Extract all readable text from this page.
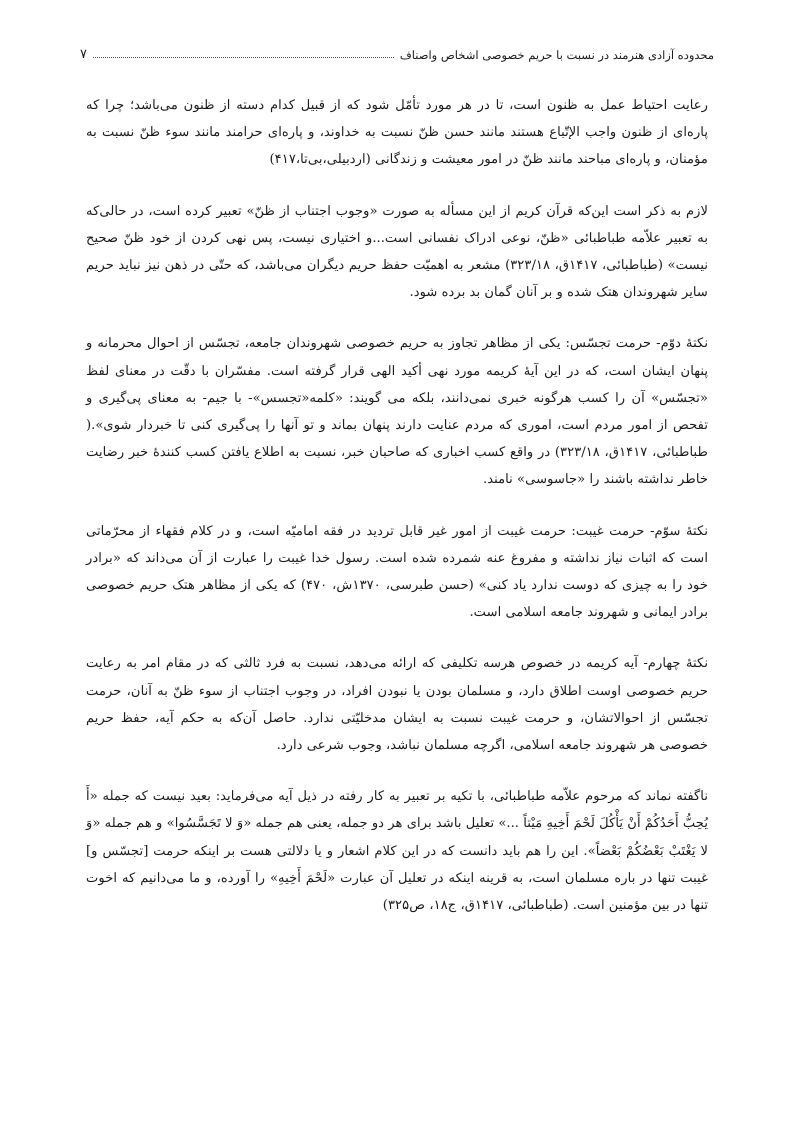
محدوده آزادی هنرمند در نسبت با حریم خصوصی اشخاص واصناف
۷

رعایت احتیاط عمل به ظنون است، تا در هر مورد تأمّل شود که از قبیل کدام دسته از ظنون می‌باشد؛ چرا که پاره‌ای از ظنون واجب الإتّباع هستند مانند حسن ظنّ نسبت به خداوند، و پاره‌ای حرامند مانند سوء ظنّ نسبت به مؤمنان، و پاره‌ای مباحند مانند ظنّ در امور معیشت و زندگانی (اردبیلی،بی‌تا،۴۱۷)

لازم به ذکر است این‌که قرآن کریم از این مسأله به صورت «وجوب اجتناب از ظنّ» تعبیر کرده است، در حالی‌که به تعبیر علاّمه طباطبائی «ظنّ، نوعی ادراک نفسانی است...و اختیاری نیست، پس نهی کردن از خود ظنّ صحیح نیست» (طباطبائی، ۱۴۱۷ق، ۳۲۳/۱۸) مشعر به اهمیّت حفظ حریم دیگران می‌باشد، که حتّی در ذهن نیز نباید حریم سایر شهروندان هتک شده و بر آنان گمان بد برده شود.

نکتۀ دوّم- حرمت تجسّس: یکی از مظاهر تجاوز به حریم خصوصی شهروندان جامعه، تجسّس از احوال محرمانه و پنهان ایشان است، که در این آیۀ کریمه مورد نهی أکید الهی قرار گرفته است. مفسّران با دقّت در معنای لفظ «تجسّس» آن را کسب هرگونه خبری نمی‌دانند، بلکه می گویند: «کلمه«تجسس»- با جیم- به معنای پی‌گیری و تفحص از امور مردم است، اموری که مردم عنایت دارند پنهان بماند و تو آنها را پی‌گیری کنی تا خبردار شوی».( طباطبائی، ۱۴۱۷ق، ۳۲۳/۱۸) در واقع کسب اخباری که صاحبان خبر، نسبت به اطلاع یافتن کسب کنندۀ خبر رضایت خاطر نداشته باشند را «جاسوسی» نامند.

نکتۀ سوّم- حرمت غیبت: حرمت غیبت از امور غیر قابل تردید در فقه امامیّه است، و در کلام فقهاء از محرّماتی است که اثبات نیاز نداشته و مفروغ عنه شمرده شده است. رسول خدا غیبت را عبارت از آن می‌داند که «برادر خود را به چیزی که دوست ندارد یاد کنی» (حسن طبرسی، ۱۳۷۰ش، ۴۷۰) که یکی از مظاهر هتک حریم خصوصی برادر ایمانی و شهروند جامعه اسلامی است.

نکتۀ چهارم- آیه کریمه در خصوص هرسه تکلیفی که ارائه می‌دهد، نسبت به فرد ثالثی که در مقام امر به رعایت حریم خصوصی اوست اطلاق دارد، و مسلمان بودن یا نبودن افراد، در وجوب اجتناب از سوء ظنّ به آنان، حرمت تجسّس از احوالاتشان، و حرمت غیبت نسبت به ایشان مدخلیّتی ندارد. حاصل آن‌که به حکم آیه، حفظ حریم خصوصی هر شهروند جامعه اسلامی، اگرچه مسلمان نباشد، وجوب شرعی دارد.

ناگفته نماند که مرحوم علاّمه طباطبائی، با تکیه بر تعبیر به کار رفته در ذیل آیه می‌فرماید: بعید نیست که جمله «أَ يُحِبُّ أَحَدُكُمْ أَنْ يَأْكُلَ لَحْمَ أَخِيهِ مَيْتاً ...» تعلیل باشد برای هر دو جمله، یعنی هم جمله «وَ لا تَجَسَّسُوا» و هم جمله «وَ لا يَغْتَبْ بَعْضُكُمْ بَعْضاً». این را هم باید دانست که در این کلام اشعار و یا دلالتی هست بر اینکه حرمت [تجسّس و] غیبت تنها در باره مسلمان است، به قرینه اینکه در تعلیل آن عبارت «لَحْمَ أَخِيهِ» را آورده، و ما می‌دانیم که اخوت تنها در بین مؤمنین است. (طباطبائی، ۱۴۱۷ق، ج۱۸، ص۳۲۵)
